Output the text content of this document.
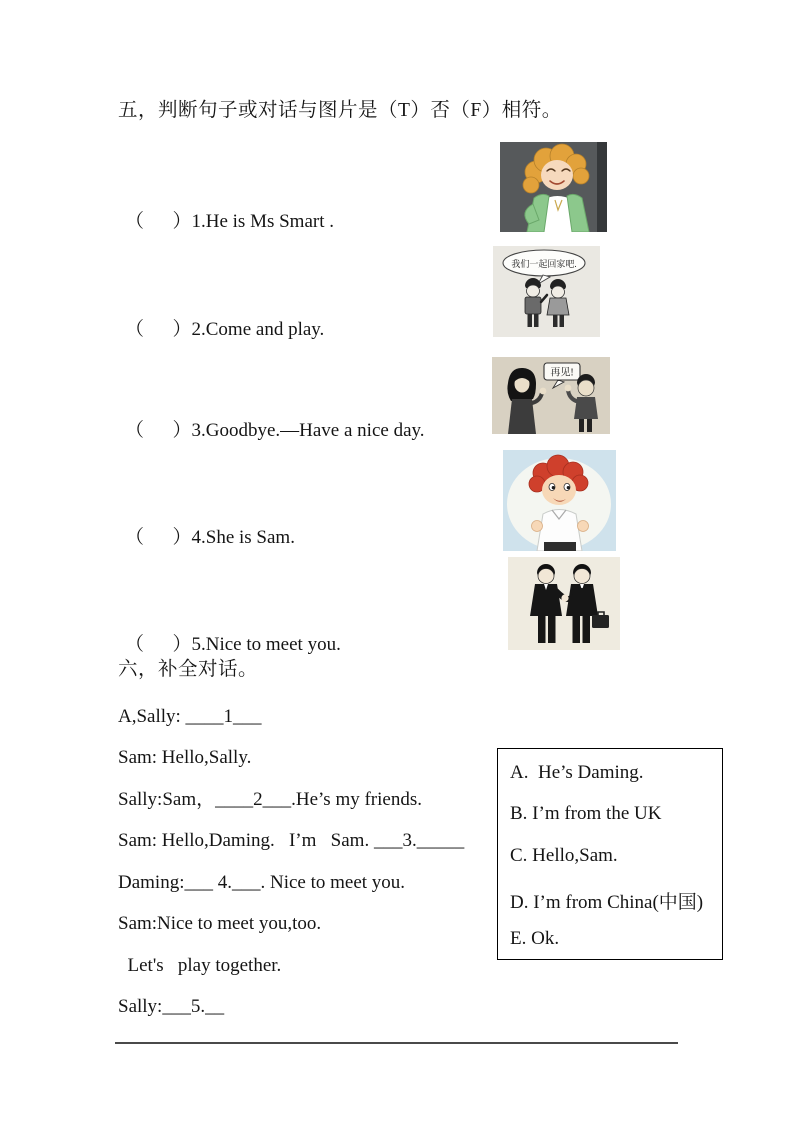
五，判断句子或对话与图片是（T）否（F）相符。
（      ）1.He is Ms Smart .
（      ）2.Come and play.
（      ）3.Goodbye.—Have a nice day.
（      ）4.She is Sam.
（      ）5.Nice to meet you.
我们一起回家吧.
再见!
六，补全对话。
A,Sally: ____1___
Sam: Hello,Sally.
Sally:Sam，____2___.He’s my friends.
Sam: Hello,Daming.   I’m   Sam. ___3._____
Daming:___ 4.___. Nice to meet you.
Sam:Nice to meet you,too.
Let's   play together.
Sally:___5.__
A.  He’s Daming.
B. I’m from the UK
C. Hello,Sam.
D. I’m from China(中国)
E. Ok.
